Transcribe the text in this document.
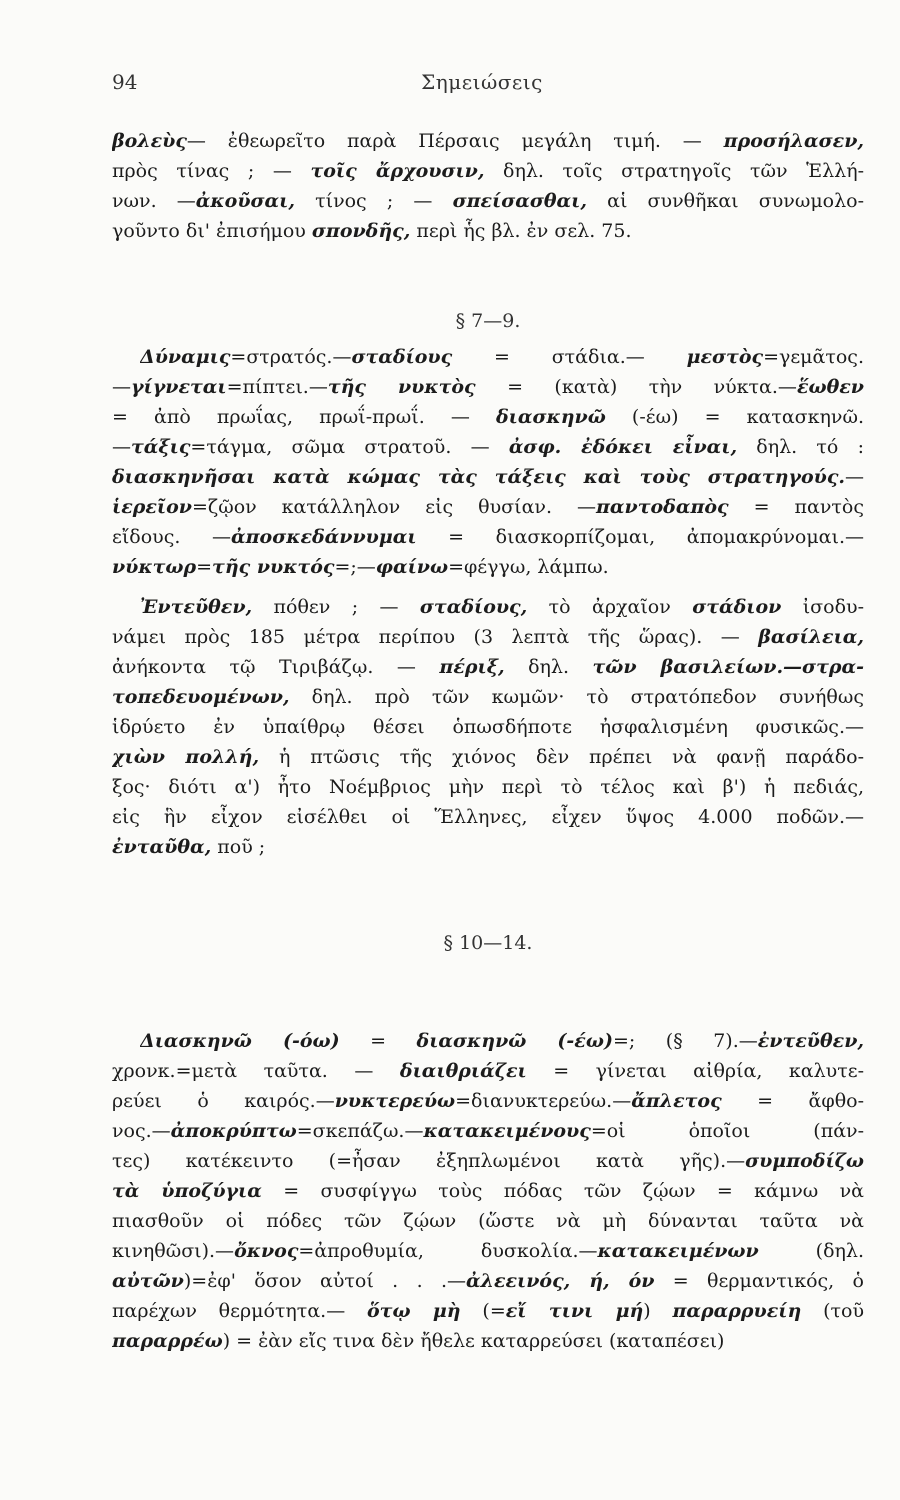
94	Σημειώσεις
§ 7—9.
§ 10—14.
βολεὺς— ἐθεωρεῖτο παρὰ Πέρσαις μεγάλη τιμή. — προσήλασεν,
πρὸς τίνας ; — τοῖς ἄρχουσιν, δηλ. τοῖς στρατηγοῖς τῶν Ἑλλή-
νων. —ἀκοῦσαι, τίνος ; — σπείσασθαι, αἱ συνθῆκαι συνωμολο-
γοῦντο δι' ἐπισήμου σπονδῆς, περὶ ἧς βλ. ἐν σελ. 75.
Δύναμις=στρατός.—σταδίους = στάδια.— μεστὸς=γεμᾶτος.
—γίγνεται=πίπτει.—τῆς νυκτὸς = (κατὰ) τὴν νύκτα.—ἕωθεν
= ἀπὸ πρωΐας, πρωΐ-πρωΐ. — διασκηνῶ (-έω) = κατασκηνῶ.
—τάξις=τάγμα, σῶμα στρατοῦ. — ἀσφ. ἐδόκει εἶναι, δηλ. τό :
διασκηνῆσαι κατὰ κώμας τὰς τάξεις καὶ τοὺς στρατηγούς.—
ἱερεῖον=ζῷον κατάλληλον εἰς θυσίαν. —παντοδαπὸς = παντὸς
εἴδους. —ἀποσκεδάννυμαι = διασκορπίζομαι, ἀπομακρύνομαι.—
νύκτωρ=τῆς νυκτός=;—φαίνω=φέγγω, λάμπω.
Ἐντεῦθεν, πόθεν ; — σταδίους, τὸ ἀρχαῖον στάδιον ἰσοδυ-
νάμει πρὸς 185 μέτρα περίπου (3 λεπτὰ τῆς ὥρας). — βασίλεια,
ἀνήκοντα τῷ Τιριβάζῳ. — πέριξ, δηλ. τῶν βασιλείων.—στρα-
τοπεδευομένων, δηλ. πρὸ τῶν κωμῶν· τὸ στρατόπεδον συνήθως
ἱδρύετο ἐν ὑπαίθρῳ θέσει ὁπωσδήποτε ἠσφαλισμένη φυσικῶς.—
χιὼν πολλή, ἡ πτῶσις τῆς χιόνος δὲν πρέπει νὰ φανῇ παράδο-
ξος· διότι α') ἦτο Νοέμβριος μὴν περὶ τὸ τέλος καὶ β') ἡ πεδιάς,
εἰς ἣν εἶχον εἰσέλθει οἱ Ἕλληνες, εἶχεν ὕψος 4.000 ποδῶν.—
ἐνταῦθα, ποῦ ;
Διασκηνῶ (-όω) = διασκηνῶ (-έω)=; (§ 7).—ἐντεῦθεν,
χρονκ.=μετὰ ταῦτα. — διαιθριάζει = γίνεται αἰθρία, καλυτε-
ρεύει ὁ καιρός.—νυκτερεύω=διανυκτερεύω.—ἄπλετος = ἄφθο-
νος.—ἀποκρύπτω=σκεπάζω.—κατακειμένους=οἱ ὁποῖοι (πάν-
τες) κατέκειντο (=ἦσαν ἐξηπλωμένοι κατὰ γῆς).—συμποδίζω
τὰ ὑποζύγια = συσφίγγω τοὺς πόδας τῶν ζῴων = κάμνω νὰ
πιασθοῦν οἱ πόδες τῶν ζῴων (ὥστε νὰ μὴ δύνανται ταῦτα νὰ
κινηθῶσι).—ὄκνος=ἀπροθυμία, δυσκολία.—κατακειμένων (δηλ.
αὐτῶν)=ἐφ' ὅσον αὐτοί . . .—ἀλεεινός, ή, όν = θερμαντικός, ὁ
παρέχων θερμότητα.— ὅτῳ μὴ (=εἴ τινι μή) παραρρυείη (τοῦ
παραρρέω) = ἐὰν εἴς τινα δὲν ἤθελε καταρρεύσει (καταπέσει)
